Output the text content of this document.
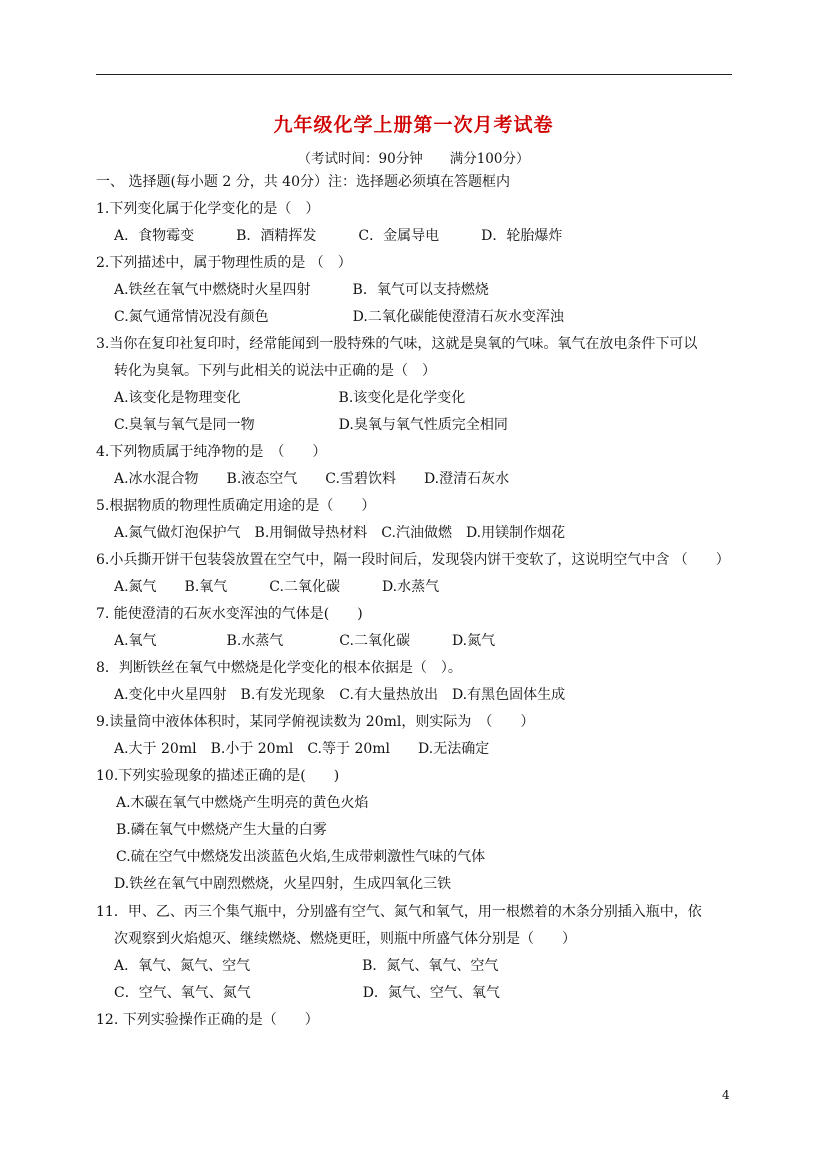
九年级化学上册第一次月考试卷
（考试时间：90分钟　　满分100分）
一、 选择题(每小题 2 分，共 40分）注：选择题必须填在答题框内
1.下列变化属于化学变化的是（　）
A．食物霉变　　　B．酒精挥发　　　C．金属导电　　　D．轮胎爆炸
2.下列描述中，属于物理性质的是 （　）
A.铁丝在氧气中燃烧时火星四射　　　B．氧气可以支持燃烧
C.氮气通常情况没有颜色　　　　　　D.二氧化碳能使澄清石灰水变浑浊
3.当你在复印社复印时，经常能闻到一股特殊的气味，这就是臭氧的气味。氧气在放电条件下可以
转化为臭氧。下列与此相关的说法中正确的是（　）
A.该变化是物理变化　　　　　　　B.该变化是化学变化
C.臭氧与氧气是同一物　　　　　　D.臭氧与氧气性质完全相同
4.下列物质属于纯净物的是　（　　）
A.冰水混合物　　B.液态空气　　C.雪碧饮料　　D.澄清石灰水
5.根据物质的物理性质确定用途的是（　　）
A.氮气做灯泡保护气　B.用铜做导热材料　C.汽油做燃　D.用镁制作烟花
6.小兵撕开饼干包装袋放置在空气中，隔一段时间后，发现袋内饼干变软了，这说明空气中含 （　　）
A.氮气　　B.氧气　　　C.二氧化碳　　　D.水蒸气
7. 能使澄清的石灰水变浑浊的气体是(　　)
A.氧气　　　　　B.水蒸气　　　　C.二氧化碳　　　D.氮气
8．判断铁丝在氧气中燃烧是化学变化的根本依据是（　）。
A.变化中火星四射　B.有发光现象　C.有大量热放出　D.有黑色固体生成
9.读量筒中液体体积时，某同学俯视读数为 20ml，则实际为　（　　）
A.大于 20ml　B.小于 20ml　C.等于 20ml　　D.无法确定
10.下列实验现象的描述正确的是(　　)
A.木碳在氧气中燃烧产生明亮的黄色火焰
B.磷在氧气中燃烧产生大量的白雾
C.硫在空气中燃烧发出淡蓝色火焰,生成带刺激性气味的气体
D.铁丝在氧气中剧烈燃烧，火星四射，生成四氧化三铁
11．甲、乙、丙三个集气瓶中，分别盛有空气、氮气和氧气，用一根燃着的木条分别插入瓶中，依
次观察到火焰熄灭、继续燃烧、燃烧更旺，则瓶中所盛气体分别是（　　）
A．氧气、氮气、空气　　　　　　　　B．氮气、氧气、空气
C．空气、氧气、氮气　　　　　　　　D．氮气、空气、氧气
12. 下列实验操作正确的是（　　）
4
